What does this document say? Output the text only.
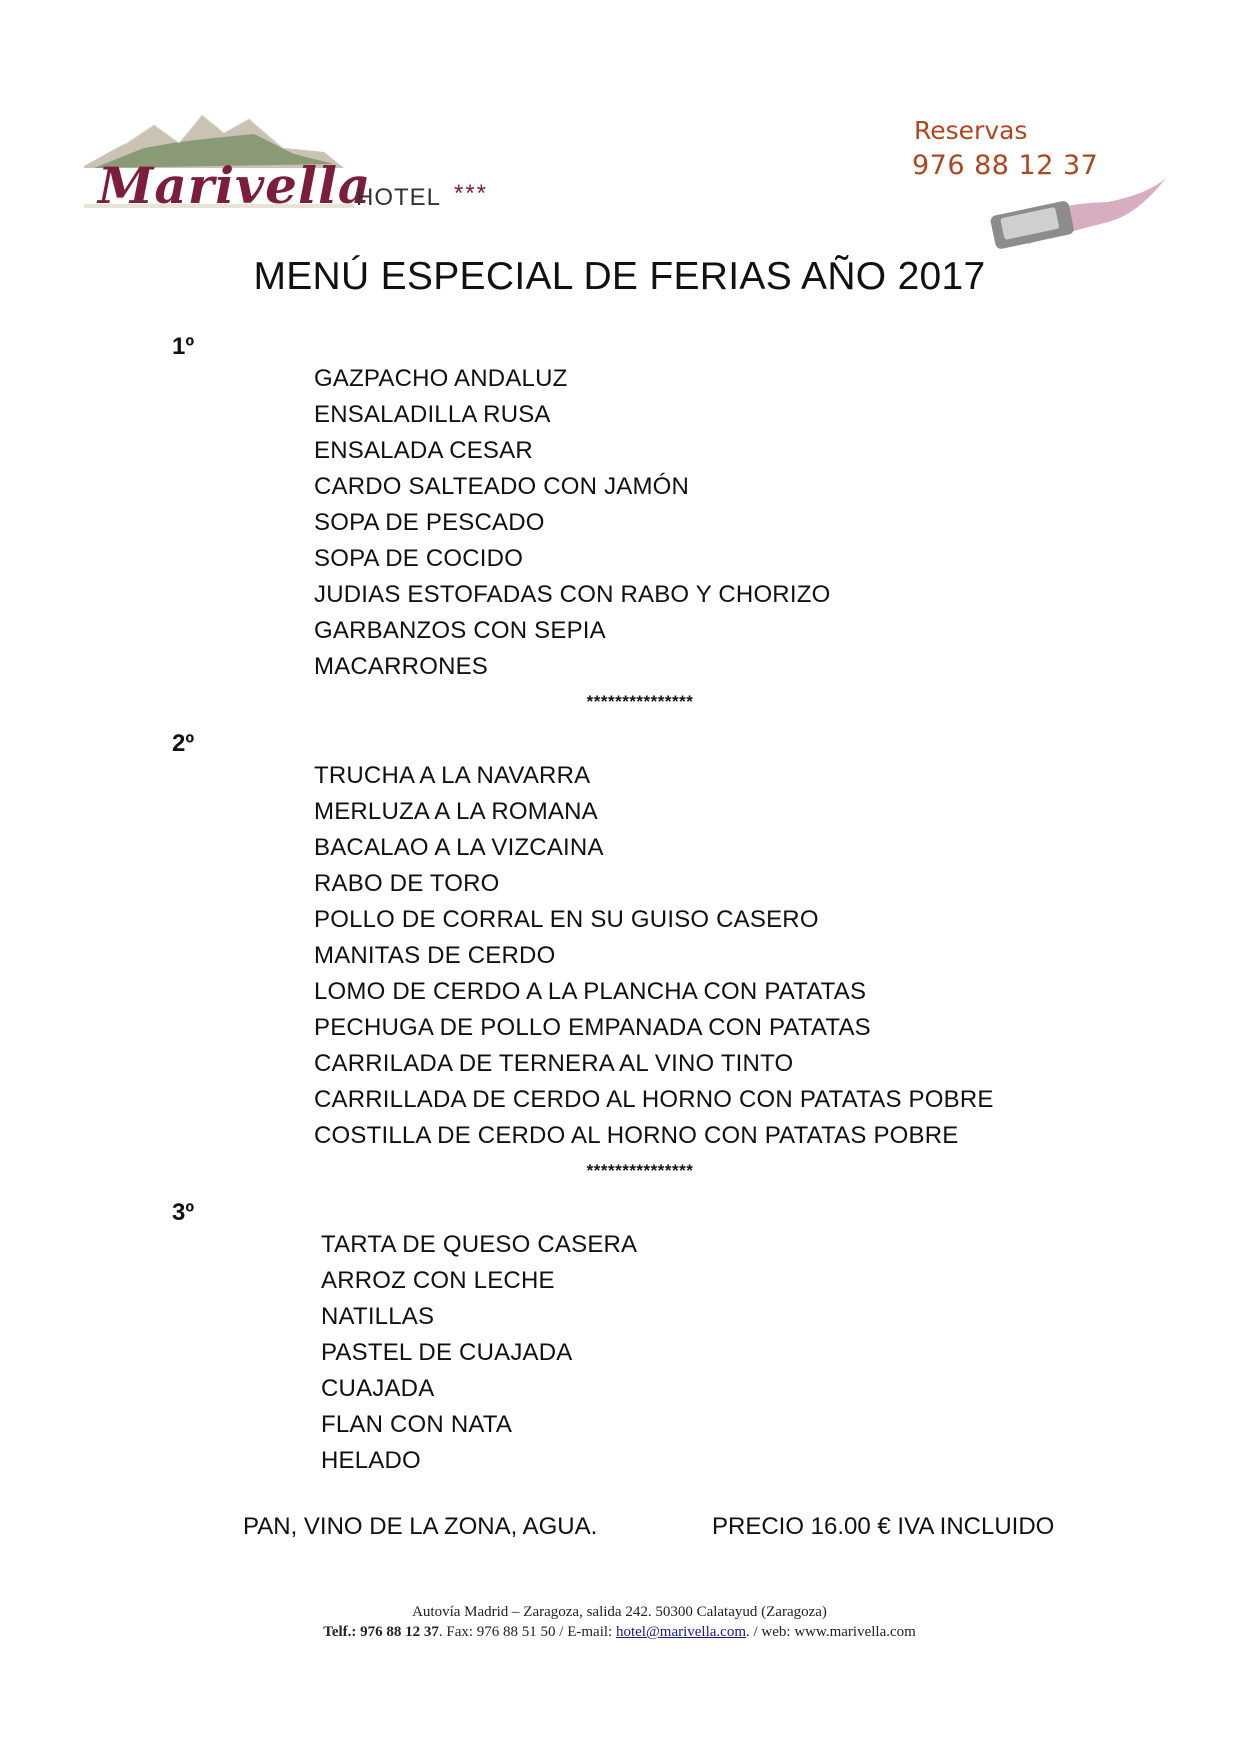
Marivella
HOTEL ***
Reservas
976 88 12 37
MENÚ ESPECIAL DE FERIAS AÑO 2017
1º
GAZPACHO ANDALUZ
ENSALADILLA RUSA
ENSALADA CESAR
CARDO SALTEADO CON JAMÓN
SOPA DE PESCADO
SOPA DE COCIDO
JUDIAS ESTOFADAS CON RABO Y CHORIZO
GARBANZOS CON SEPIA
MACARRONES
***************
2º
TRUCHA A LA NAVARRA
MERLUZA A LA ROMANA
BACALAO A LA VIZCAINA
RABO DE TORO
POLLO DE CORRAL EN SU GUISO CASERO
MANITAS DE CERDO
LOMO DE CERDO A LA PLANCHA CON PATATAS
PECHUGA DE POLLO EMPANADA CON PATATAS
CARRILADA DE TERNERA AL VINO TINTO
CARRILLADA DE CERDO AL HORNO CON PATATAS POBRE
COSTILLA DE CERDO AL HORNO CON PATATAS POBRE
***************
3º
TARTA DE QUESO CASERA
ARROZ CON LECHE
NATILLAS
PASTEL DE CUAJADA
CUAJADA
FLAN CON NATA
HELADO
PAN, VINO DE LA ZONA, AGUA.	PRECIO 16.00 € IVA INCLUIDO
Autovía Madrid – Zaragoza, salida 242. 50300 Calatayud (Zaragoza)
Telf.: 976 88 12 37. Fax: 976 88 51 50 / E-mail: hotel@marivella.com. / web: www.marivella.com
